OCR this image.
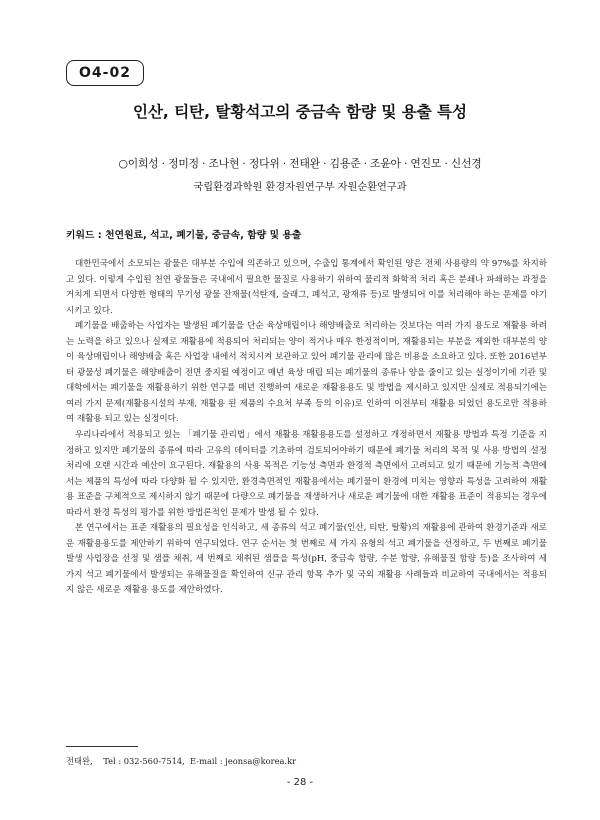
O4-02
인산, 티탄, 탈황석고의 중금속 함량 및 용출 특성
○이희성 · 정미정 · 조나현 · 정다위 · 전태완 · 김용준 · 조윤아 · 연진모 · 신선경
국립환경과학원 환경자원연구부 자원순환연구과
키워드 : 천연원료, 석고, 폐기물, 중금속, 함량 및 용출

대한민국에서 소모되는 광물은 대부분 수입에 의존하고 있으며, 수출입 통계에서 확인된 양은 전체 사용량의 약 97%를 차지하고 있다. 이렇게 수입된 천연 광물들은 국내에서 필요한 물질로 사용하기 위하여 물리적 화학적 처리 혹은 분쇄나 파쇄하는 과정을 거치게 되면서 다양한 형태의 무기성 광물 잔재물(석탄재, 슬래그, 폐석고, 광재류 등)로 발생되어 이를 처리해야 하는 문제를 야기시키고 있다.

폐기물을 배출하는 사업자는 발생된 폐기물을 단순 육상매립이나 해양배출로 처리하는 것보다는 여러 가지 용도로 재활용 하려는 노력을 하고 있으나 실제로 재활용에 적용되어 처리되는 양이 적거나 매우 한정적이며, 재활용되는 부분을 제외한 대부분의 양이 육상매립이나 해양배출 혹은 사업장 내에서 적치시켜 보관하고 있어 폐기물 관리에 많은 비용을 소요하고 있다. 또한 2016년부터 광물성 폐기물은 해양배출이 전면 중지될 예정이고 매년 육상 매립 되는 폐기물의 종류나 양을 줄이고 있는 실정이기에 기관 및 대학에서는 폐기물을 재활용하기 위한 연구를 매년 진행하여 새로운 재활용용도 및 방법을 제시하고 있지만 실제로 적용되기에는 여러 가지 문제(재활용시설의 부재, 재활용 된 제품의 수요처 부족 등의 이유)로 인하여 이전부터 재활용 되었던 용도로만 적용하여 재활용 되고 있는 실정이다.

우리나라에서 적용되고 있는 「폐기물 관리법」에서 재활용 재활용용도를 설정하고 개정하면서 재활용 방법과 특정 기준을 지정하고 있지만 폐기물의 종류에 따라 고유의 데이터를 기초하여 검토되어야하기 때문에 폐기물 처리의 목적 및 사용 방법의 설정 처리에 오랜 시간과 예산이 요구된다. 재활용의 사용 목적은 기능성 측면과 환경적 측면에서 고려되고 있기 때문에 기능적 측면에서는 제품의 특성에 따라 다양화 될 수 있지만, 환경측면적인 재활용에서는 폐기물이 환경에 미치는 영향과 특성을 고려하여 재활용 표준을 구체적으로 제시하지 않기 때문에 다량으로 폐기물을 재생하거나 새로운 폐기물에 대한 재활용 표준이 적용되는 경우에 따라서 환경 특성의 평가를 위한 방법론적인 문제가 발생 될 수 있다.

본 연구에서는 표준 재활용의 필요성을 인식하고, 세 종류의 석고 폐기물(인산, 티탄, 탈황)의 재활용에 관하여 환경기준과 새로운 재활용용도를 제안하기 위하여 연구되었다. 연구 순서는 첫 번째로 세 가지 유형의 석고 폐기물을 선정하고, 두 번째로 폐기물 발생 사업장을 선정 및 샘플 채취, 세 번째로 채취된 샘플을 특성(pH, 중금속 함량, 수분 함량, 유해물질 함량 등)을 조사하여 세 가지 석고 폐기물에서 발생되는 유해물질을 확인하여 신규 관리 항목 추가 및 국외 재활용 사례들과 비교하여 국내에서는 적용되지 않은 새로운 재활용 용도를 제안하였다.

전태완,    Tel : 032-560-7514,  E-mail : jeonsa@korea.kr
- 28 -
